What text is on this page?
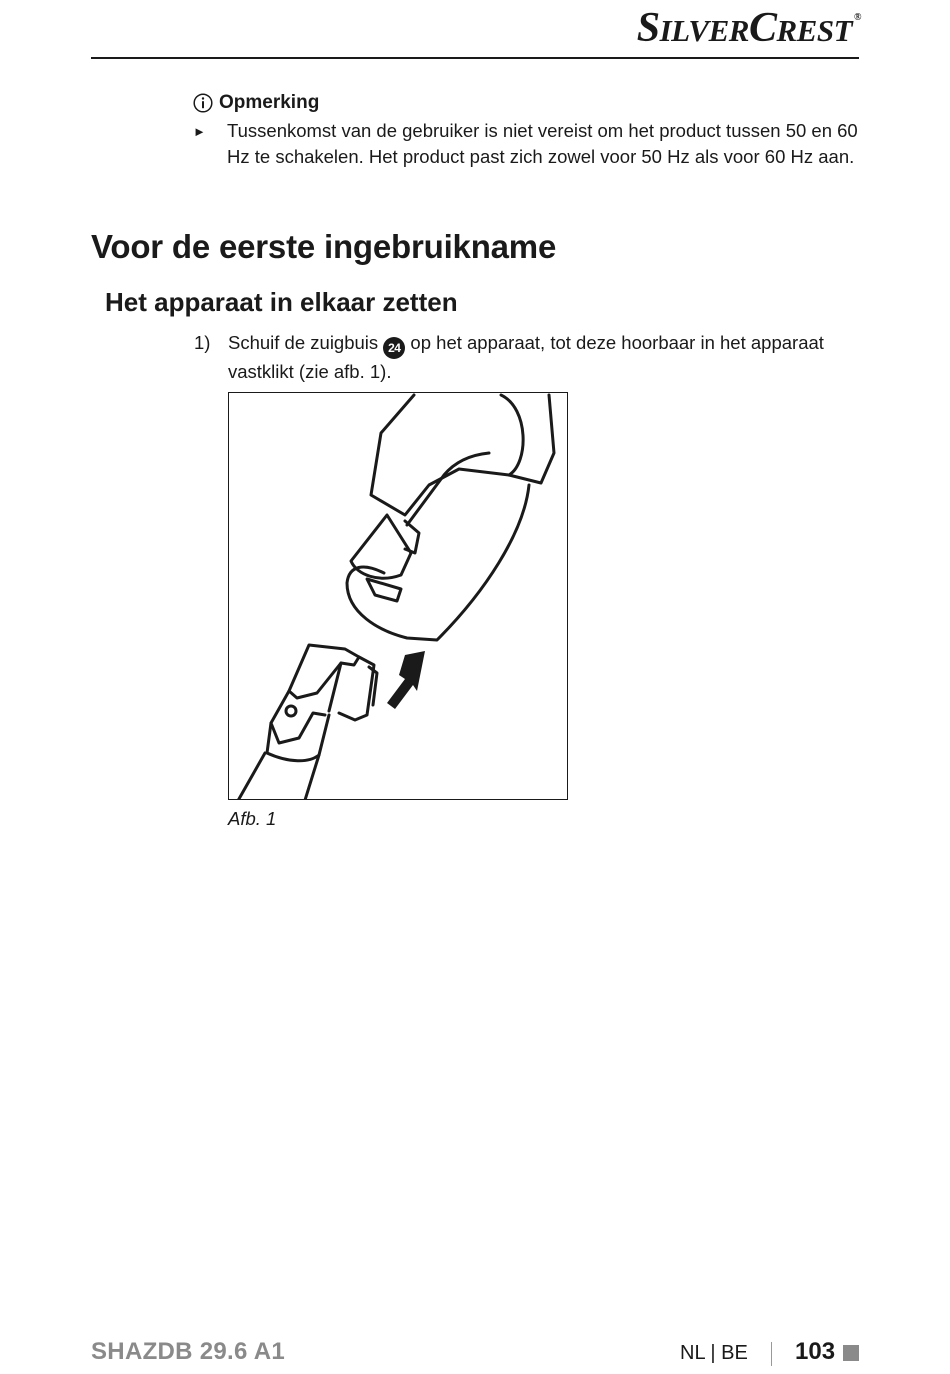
SILVERCREST ®
Opmerking
►	Tussenkomst van de gebruiker is niet vereist om het product tussen 50 en 60 Hz te schakelen. Het product past zich zowel voor 50 Hz als voor 60 Hz aan.
Voor de eerste ingebruikname
Het apparaat in elkaar zetten
1) Schuif de zuigbuis 24 op het apparaat, tot deze hoorbaar in het apparaat vastklikt (zie afb. 1).
Afb. 1
SHAZDB 29.6 A1	NL | BE 103
